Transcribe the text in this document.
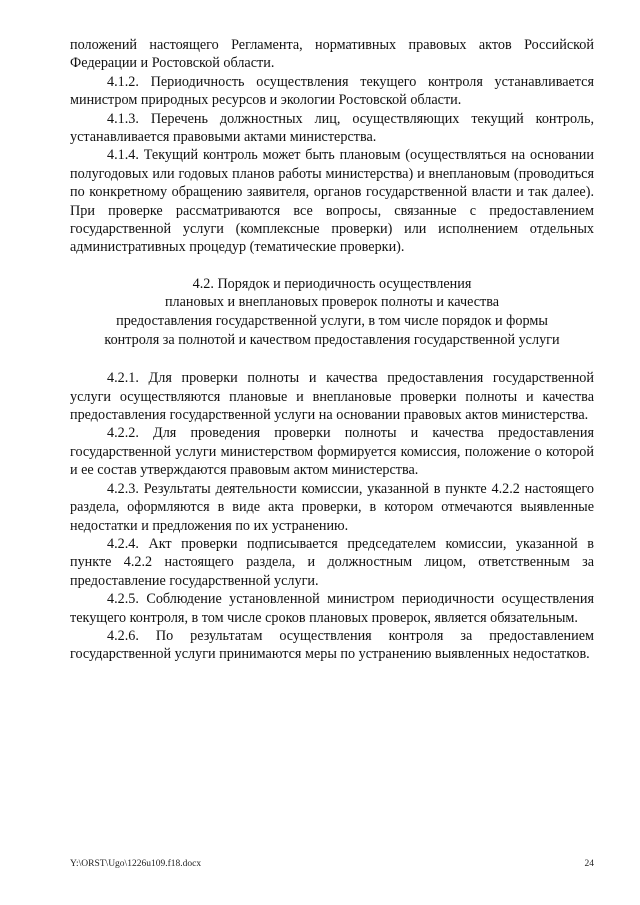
положений настоящего Регламента, нормативных правовых актов Российской Федерации и Ростовской области.

4.1.2. Периодичность осуществления текущего контроля устанавливается министром природных ресурсов и экологии Ростовской области.

4.1.3. Перечень должностных лиц, осуществляющих текущий контроль, устанавливается правовыми актами министерства.

4.1.4. Текущий контроль может быть плановым (осуществляться на основании полугодовых или годовых планов работы министерства) и внеплановым (проводиться по конкретному обращению заявителя, органов государственной власти и так далее). При проверке рассматриваются все вопросы, связанные с предоставлением государственной услуги (комплексные проверки) или исполнением отдельных административных процедур (тематические проверки).

4.2. Порядок и периодичность осуществления
плановых и внеплановых проверок полноты и качества
предоставления государственной услуги, в том числе порядок и формы
контроля за полнотой и качеством предоставления государственной услуги

4.2.1. Для проверки полноты и качества предоставления государственной услуги осуществляются плановые и внеплановые проверки полноты и качества предоставления государственной услуги на основании правовых актов министерства.

4.2.2. Для проведения проверки полноты и качества предоставления государственной услуги министерством формируется комиссия, положение о которой и ее состав утверждаются правовым актом министерства.

4.2.3. Результаты деятельности комиссии, указанной в пункте 4.2.2 настоящего раздела, оформляются в виде акта проверки, в котором отмечаются выявленные недостатки и предложения по их устранению.

4.2.4. Акт проверки подписывается председателем комиссии, указанной в пункте 4.2.2 настоящего раздела, и должностным лицом, ответственным за предоставление государственной услуги.

4.2.5. Соблюдение установленной министром периодичности осуществления текущего контроля, в том числе сроков плановых проверок, является обязательным.

4.2.6. По результатам осуществления контроля за предоставлением государственной услуги принимаются меры по устранению выявленных недостатков.

Y:\ORST\Ugo\1226u109.f18.docx	24
